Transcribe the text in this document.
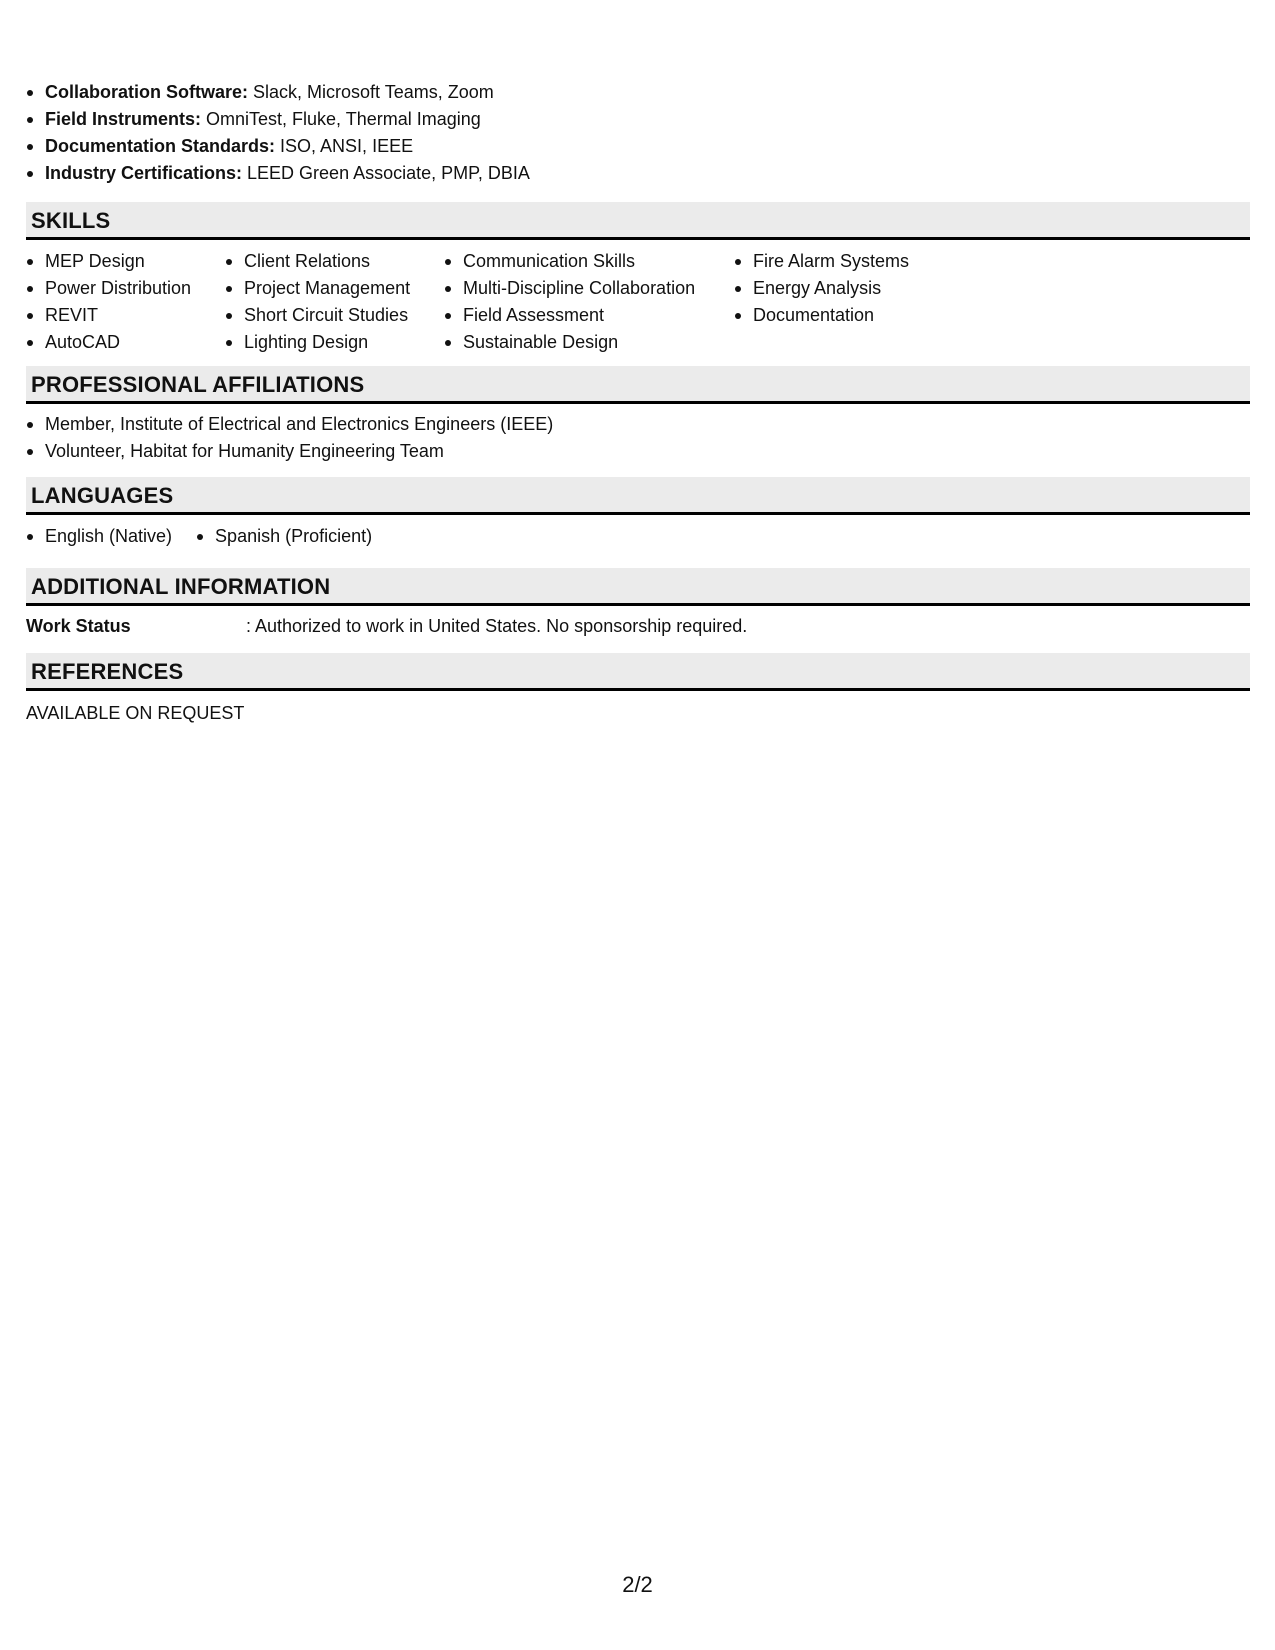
Collaboration Software: Slack, Microsoft Teams, Zoom
Field Instruments: OmniTest, Fluke, Thermal Imaging
Documentation Standards: ISO, ANSI, IEEE
Industry Certifications: LEED Green Associate, PMP, DBIA
SKILLS
MEP Design
Power Distribution
REVIT
AutoCAD
Client Relations
Project Management
Short Circuit Studies
Lighting Design
Communication Skills
Multi-Discipline Collaboration
Field Assessment
Sustainable Design
Fire Alarm Systems
Energy Analysis
Documentation
PROFESSIONAL AFFILIATIONS
Member, Institute of Electrical and Electronics Engineers (IEEE)
Volunteer, Habitat for Humanity Engineering Team
LANGUAGES
English (Native)	Spanish (Proficient)
ADDITIONAL INFORMATION
Work Status	: Authorized to work in United States. No sponsorship required.
REFERENCES
AVAILABLE ON REQUEST
2/2
